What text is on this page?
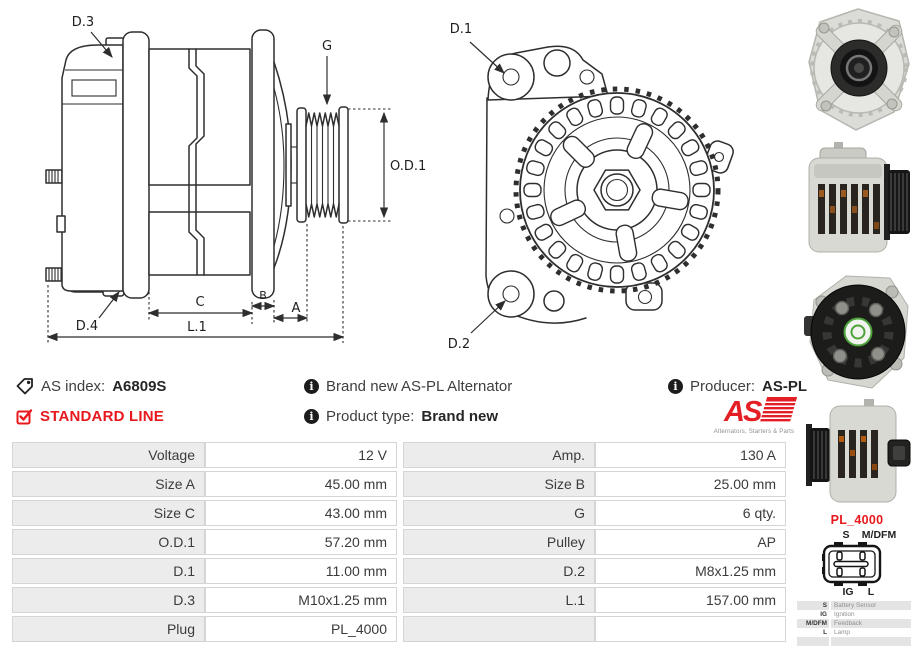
G
O.D.1
D.3
D.4
C	B
A
L.1
D.1
D.2
AS index: A6809S i	Brand new AS-PL Alternator i	Producer: AS-PL
STANDARD LINE i	Product type: Brand new	AS
Alternators, Starters & Parts
Voltage	12 V	Amp.	130 A
Size A	45.00 mm	Size B	25.00 mm
Size C	43.00 mm	G	6 qty.
O.D.1	57.20 mm	Pulley	AP
D.1	11.00 mm	D.2	M8x1.25 mm
D.3	M10x1.25 mm	L.1	157.00 mm
Plug	PL_4000
PL_4000
S	M/DFM
IG	L
S	Battery Sensor
IG	Ignition
M/DFM	Feedback
L	Lamp
